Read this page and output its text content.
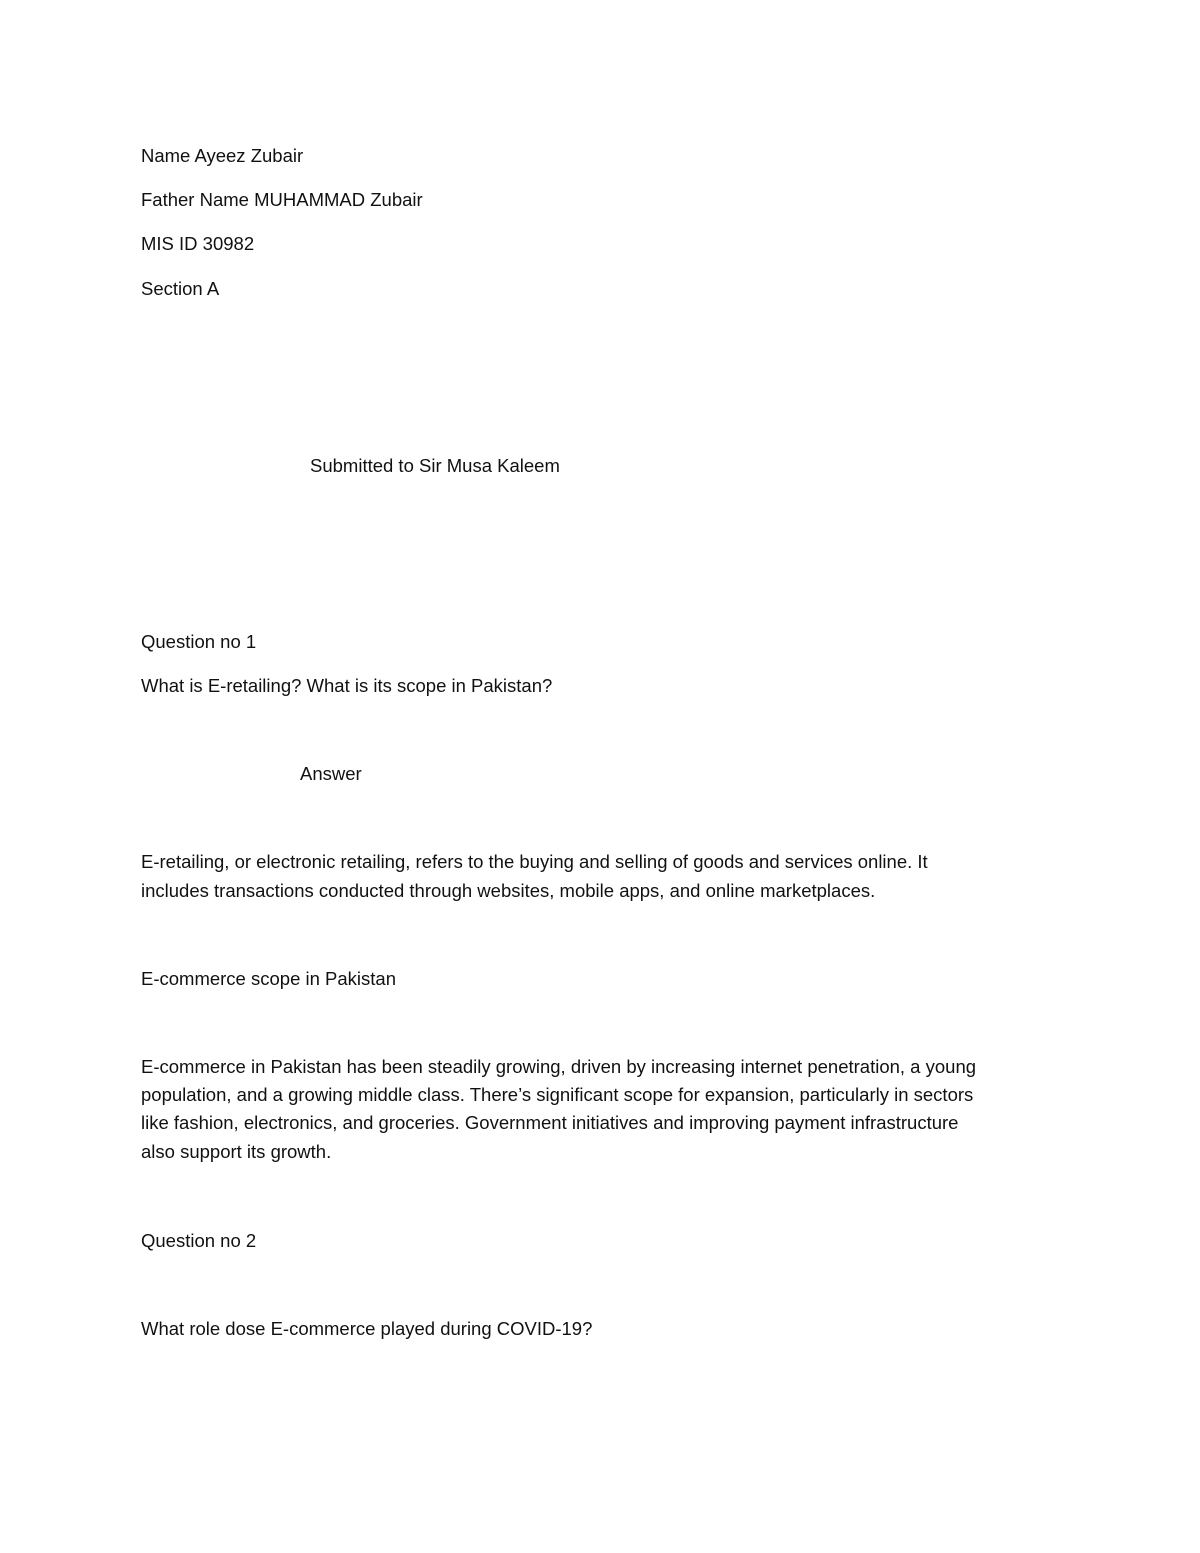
Name Ayeez Zubair

Father Name MUHAMMAD Zubair

MIS ID 30982

Section A

Submitted to Sir Musa Kaleem

Question no 1

What is E-retailing? What is its scope in Pakistan?

Answer

E-retailing, or electronic retailing, refers to the buying and selling of goods and services online. It

includes transactions conducted through websites, mobile apps, and online marketplaces.

E-commerce scope in Pakistan

E-commerce in Pakistan has been steadily growing, driven by increasing internet penetration, a young

population, and a growing middle class. There’s significant scope for expansion, particularly in sectors

like fashion, electronics, and groceries. Government initiatives and improving payment infrastructure

also support its growth.

Question no 2

What role dose E-commerce played during COVID-19?
